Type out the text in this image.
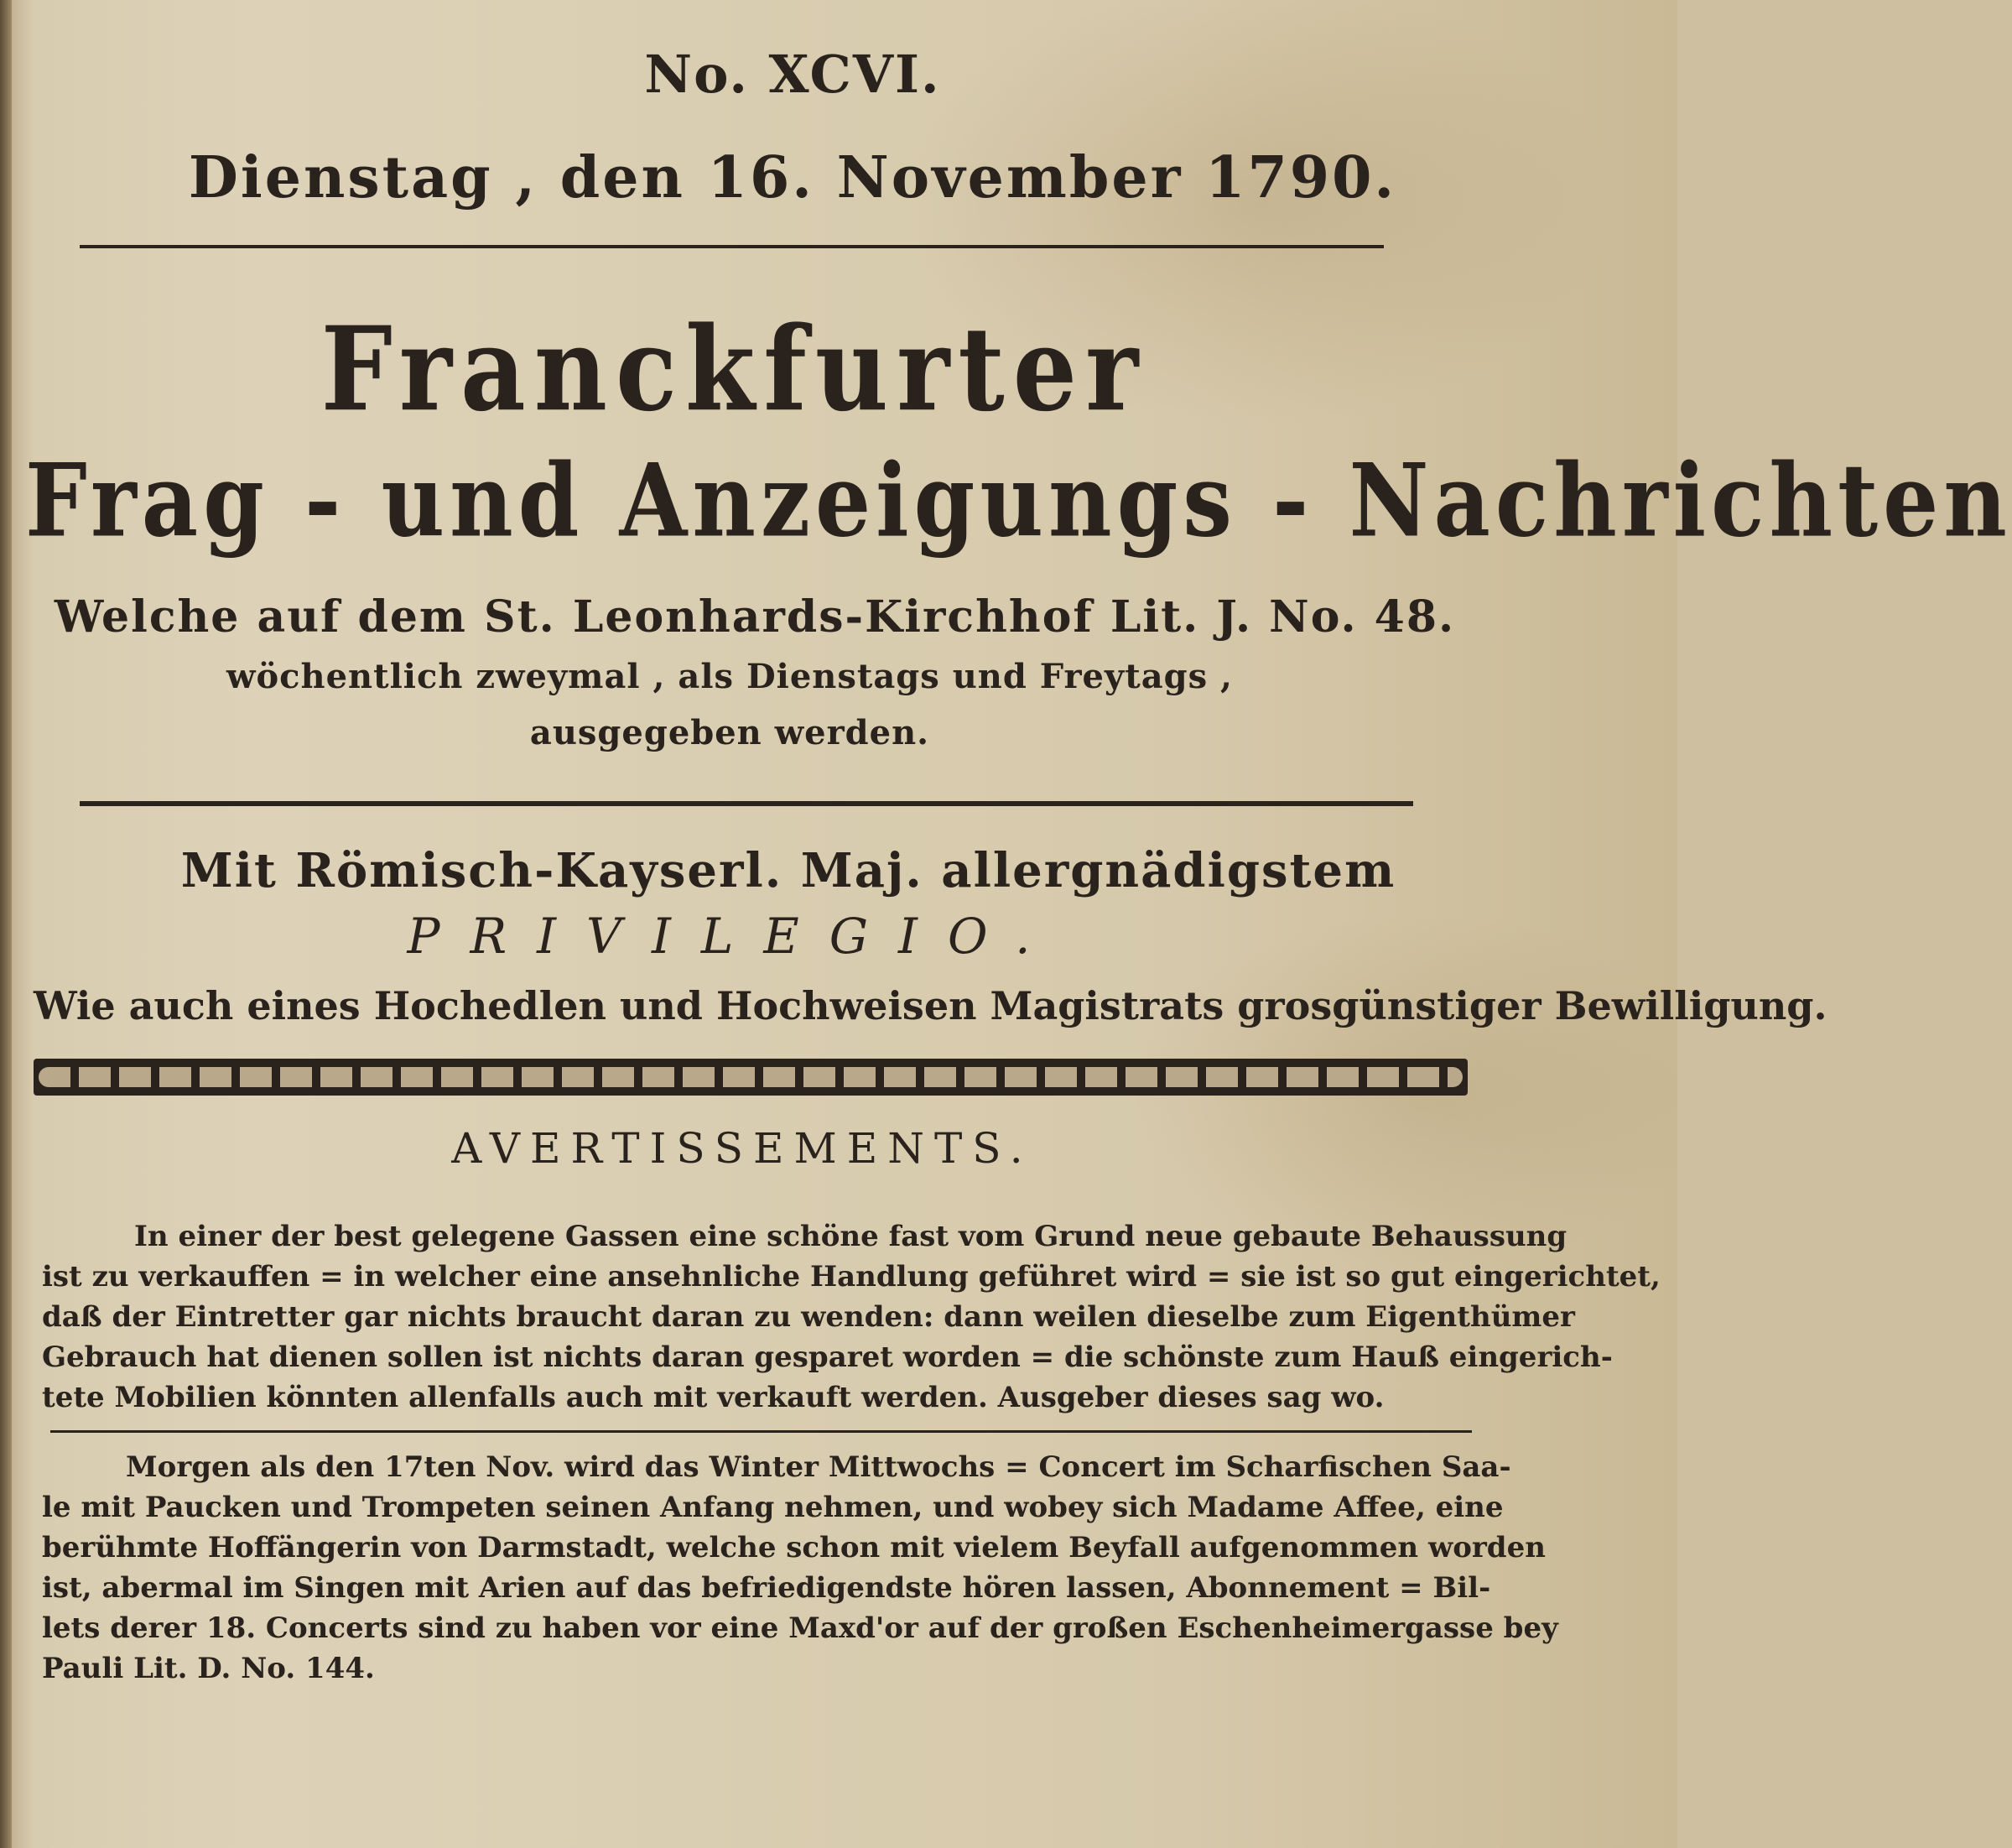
No. XCVI.
Dienstag , den 16. November 1790.
Franckfurter
Frag - und Anzeigungs - Nachrichten
Welche auf dem St. Leonhards-Kirchhof Lit. J. No. 48.
wöchentlich zweymal , als Dienstags und Freytags ,
ausgegeben werden.
Mit Römisch-Kayserl. Maj. allergnädigstem
PRIVILEGIO.
Wie auch eines Hochedlen und Hochweisen Magistrats grosgünstiger Bewilligung.
AVERTISSEMENTS.
In einer der best gelegene Gassen eine schöne fast vom Grund neue gebaute Behaussung
ist zu verkauffen = in welcher eine ansehnliche Handlung geführet wird = sie ist so gut eingerichtet,
daß der Eintretter gar nichts braucht daran zu wenden: dann weilen dieselbe zum Eigenthümer
Gebrauch hat dienen sollen ist nichts daran gesparet worden = die schönste zum Hauß eingerich-
tete Mobilien könnten allenfalls auch mit verkauft werden. Ausgeber dieses sag wo.
Morgen als den 17ten Nov. wird das Winter Mittwochs = Concert im Scharfischen Saa-
le mit Paucken und Trompeten seinen Anfang nehmen, und wobey sich Madame Affee, eine
berühmte Hoffängerin von Darmstadt, welche schon mit vielem Beyfall aufgenommen worden
ist, abermal im Singen mit Arien auf das befriedigendste hören lassen, Abonnement = Bil-
lets derer 18. Concerts sind zu haben vor eine Maxd'or auf der großen Eschenheimergasse bey
Pauli Lit. D. No. 144.
